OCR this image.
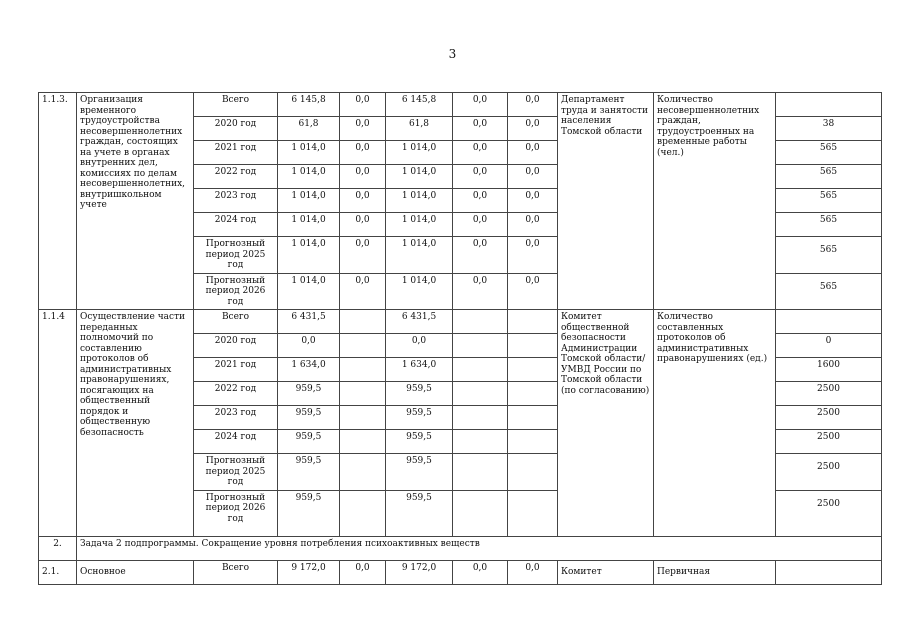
3
1.1.3.	Организация временного трудоустройства несовершеннолетних граждан, состоящих на учете в органах внутренних дел, комиссиях по делам несовершеннолетних, внутришкольном учете	Всего	6 145,8	0,0	6 145,8	0,0	0,0	Департамент труда и занятости населения Томской области	Количество несовершеннолетних граждан, трудоустроенных на временные работы (чел.)	
		2020 год	61,8	0,0	61,8	0,0	0,0			38
		2021 год	1 014,0	0,0	1 014,0	0,0	0,0			565
		2022 год	1 014,0	0,0	1 014,0	0,0	0,0			565
		2023 год	1 014,0	0,0	1 014,0	0,0	0,0			565
		2024 год	1 014,0	0,0	1 014,0	0,0	0,0			565
		Прогнозный период 2025 год	1 014,0	0,0	1 014,0	0,0	0,0			565
		Прогнозный период 2026 год	1 014,0	0,0	1 014,0	0,0	0,0			565
1.1.4	Осуществление части переданных полномочий по составлению протоколов об административных правонарушениях, посягающих на общественный порядок и общественную безопасность	Всего	6 431,5		6 431,5			Комитет общественной безопасности Администрации Томской области/ УМВД России по Томской области (по согласованию)	Количество составленных протоколов об административных правонарушениях (ед.)	
		2020 год	0,0		0,0					0
		2021 год	1 634,0		1 634,0					1600
		2022 год	959,5		959,5					2500
		2023 год	959,5		959,5					2500
		2024 год	959,5		959,5					2500
		Прогнозный период 2025 год	959,5		959,5					2500
		Прогнозный период 2026 год	959,5		959,5					2500
2.	Задача 2 подпрограммы. Сокращение уровня потребления психоактивных веществ									
2.1.	Основное	Всего	9 172,0	0,0	9 172,0	0,0	0,0	Комитет	Первичная	
